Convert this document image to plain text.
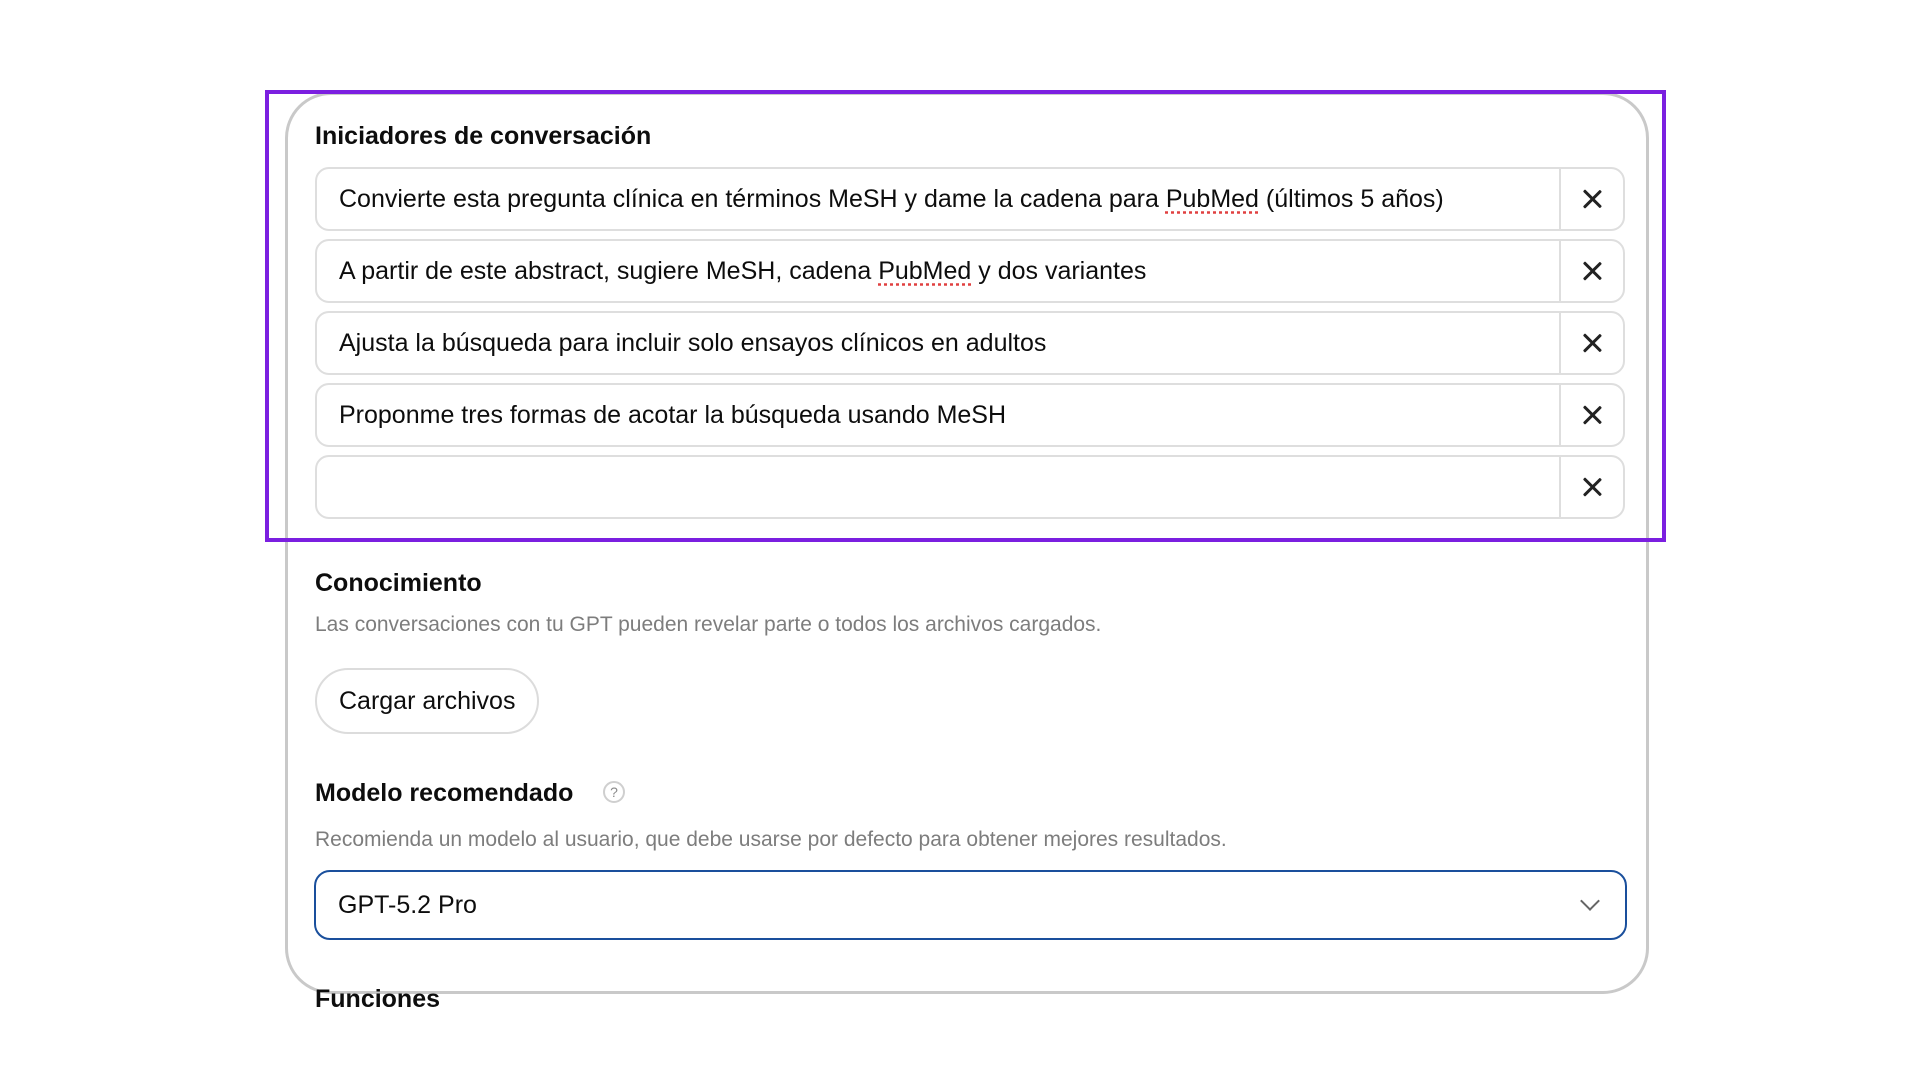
Iniciadores de conversación
Convierte esta pregunta clínica en términos MeSH y dame la cadena para PubMed (últimos 5 años)
A partir de este abstract, sugiere MeSH, cadena PubMed y dos variantes
Ajusta la búsqueda para incluir solo ensayos clínicos en adultos
Proponme tres formas de acotar la búsqueda usando MeSH
Conocimiento
Las conversaciones con tu GPT pueden revelar parte o todos los archivos cargados.
Cargar archivos
Modelo recomendado	?
Recomienda un modelo al usuario, que debe usarse por defecto para obtener mejores resultados.
GPT-5.2 Pro
Funciones
